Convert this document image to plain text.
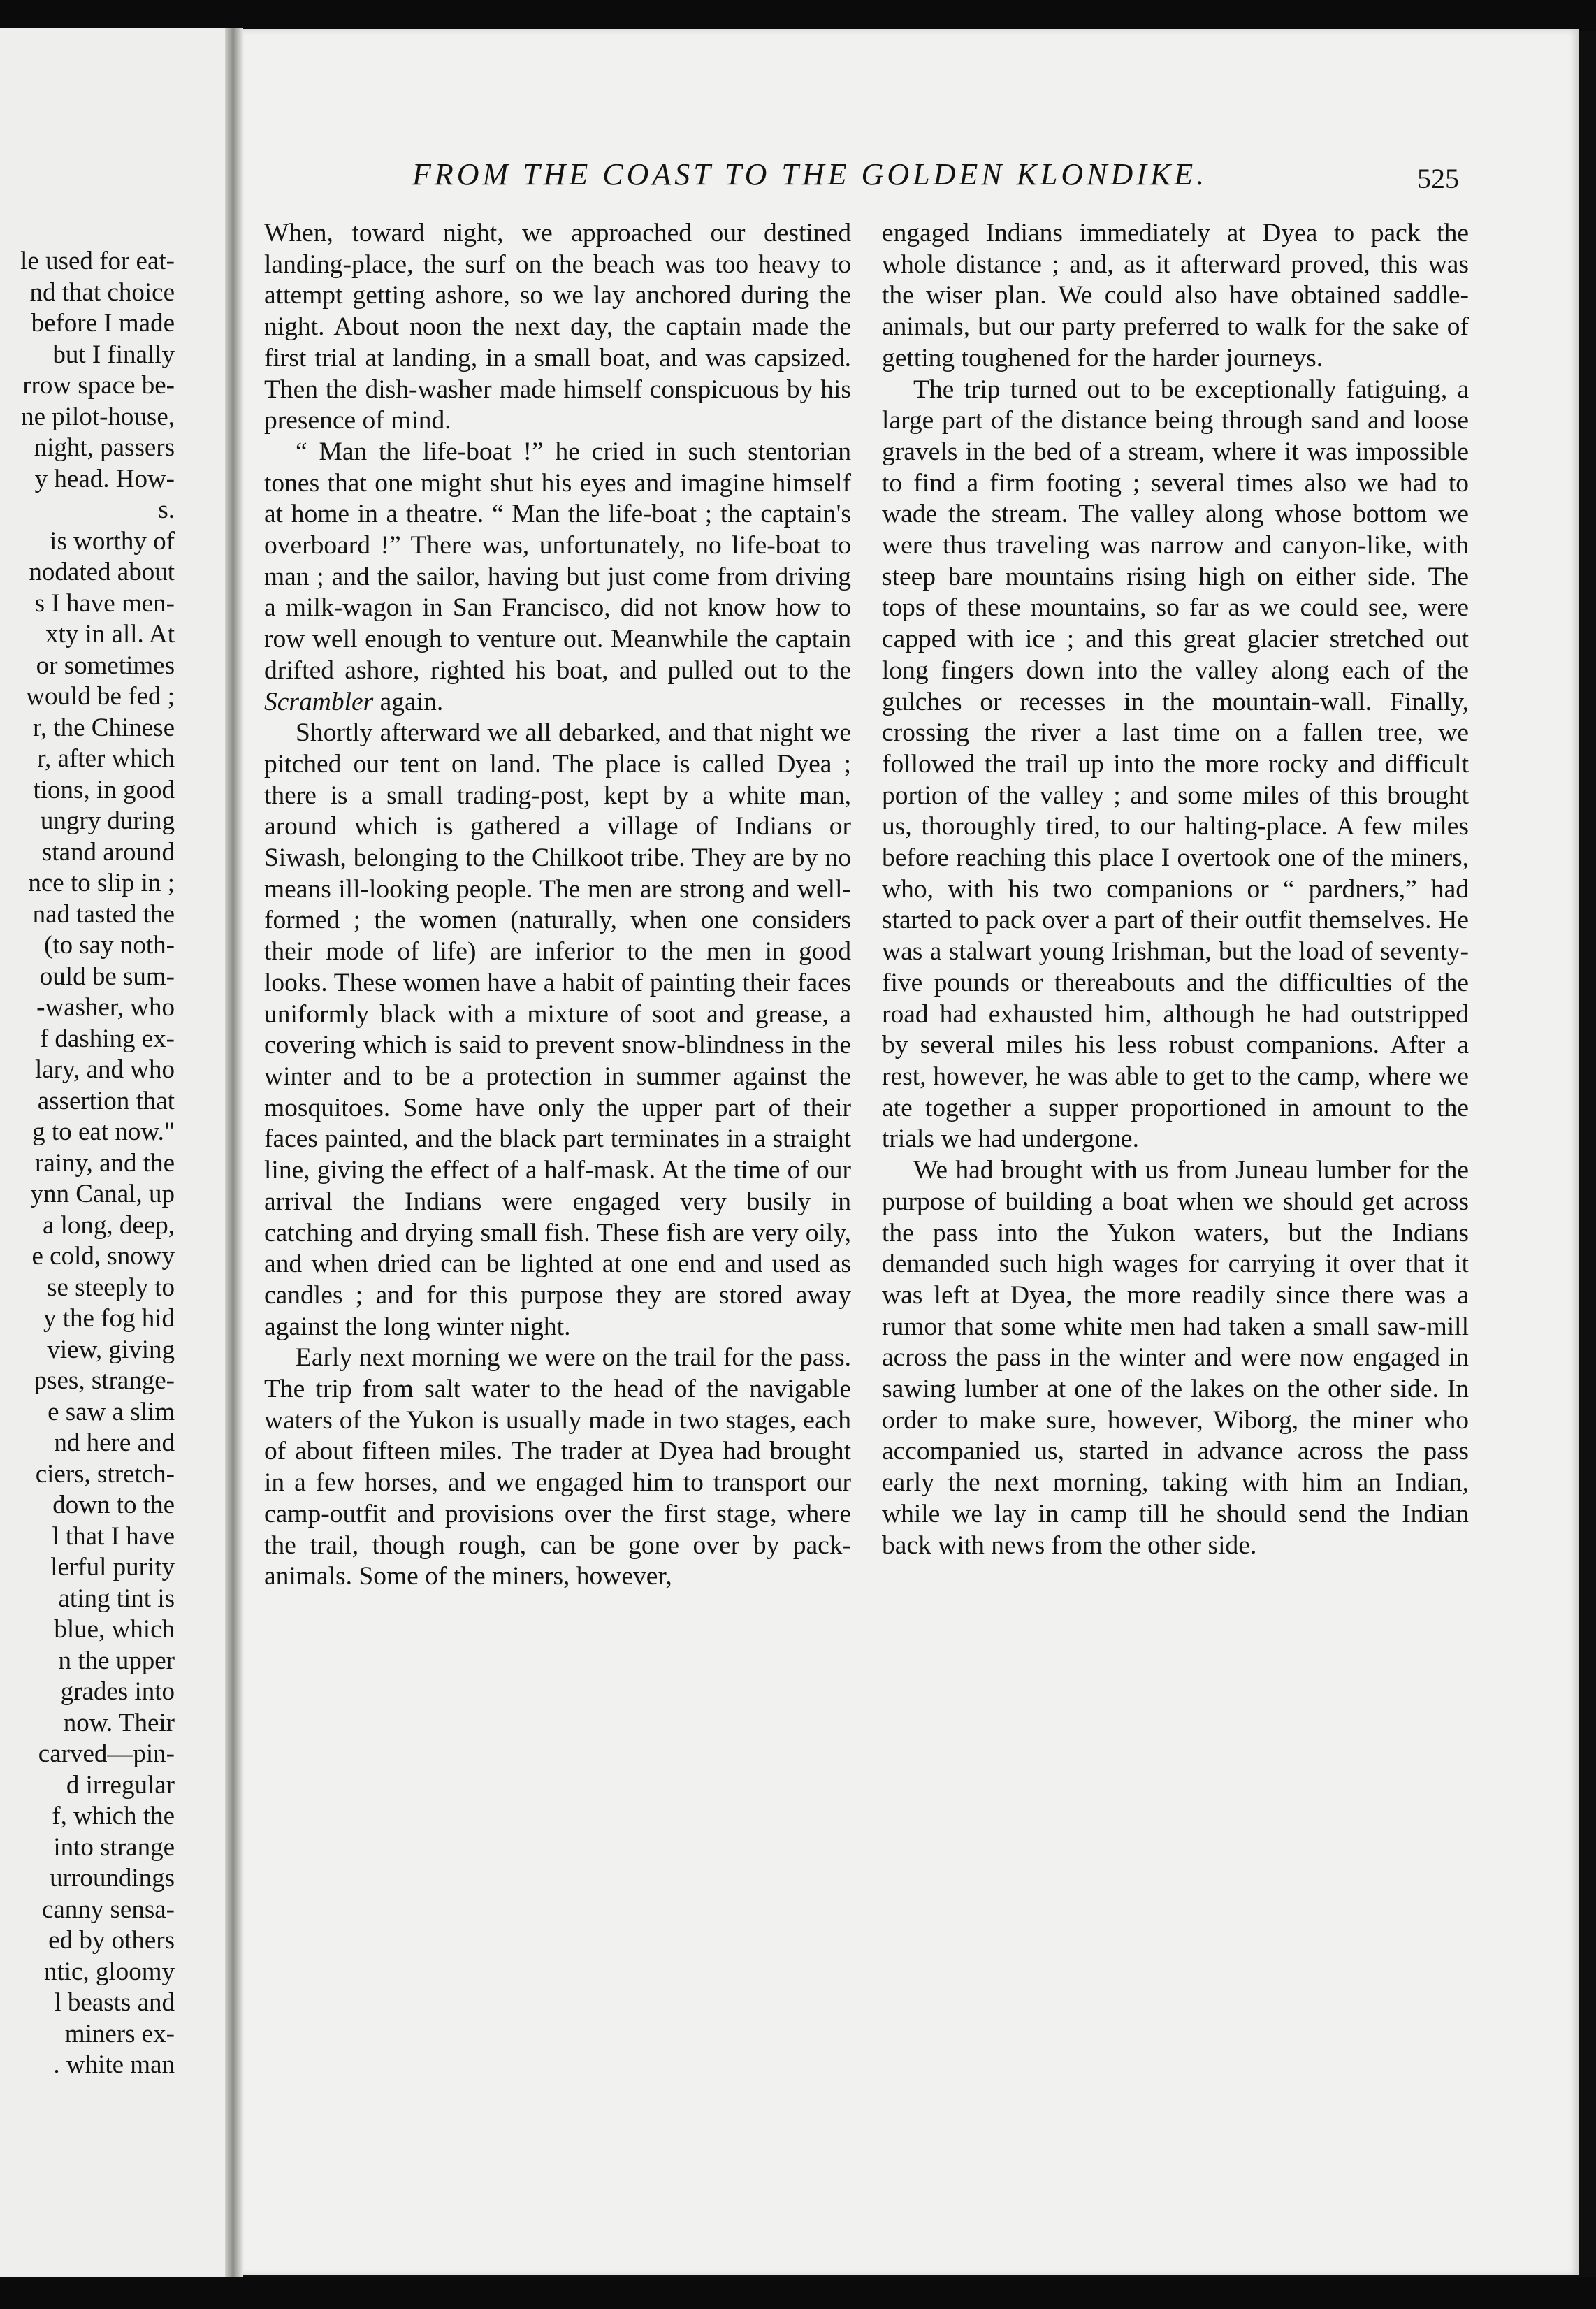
le used for eat-
nd that choice
before I made
but I finally
rrow space be-
ne pilot-house,
night, passers
y head. How-
s.
is worthy of
nodated about
s I have men-
xty in all. At
or sometimes
would be fed ;
r, the Chinese
r, after which
tions, in good
ungry during
stand around
nce to slip in ;
nad tasted the
(to say noth-
ould be sum-
-washer, who
f dashing ex-
lary, and who
assertion that
g to eat now."
rainy, and the
ynn Canal, up
a long, deep,
e cold, snowy
se steeply to
y the fog hid
view, giving
pses, strange-
e saw a slim
nd here and
ciers, stretch-
down to the
l that I have
lerful purity
ating tint is
blue, which
n the upper
grades into
now. Their
carved—pin-
d irregular
f, which the
into strange
urroundings
canny sensa-
ed by others
ntic, gloomy
l beasts and
miners ex-
. white man
FROM THE COAST TO THE GOLDEN KLONDIKE.	525

When, toward night, we approached our destined landing-place, the surf on the beach was too heavy to attempt getting ashore, so we lay anchored during the night. About noon the next day, the captain made the first trial at landing, in a small boat, and was capsized. Then the dish-washer made himself conspicuous by his presence of mind.

“ Man the life-boat !” he cried in such stentorian tones that one might shut his eyes and imagine himself at home in a theatre. “ Man the life-boat ; the captain's overboard !” There was, unfortunately, no life-boat to man ; and the sailor, having but just come from driving a milk-wagon in San Francisco, did not know how to row well enough to venture out. Meanwhile the captain drifted ashore, righted his boat, and pulled out to the Scrambler again.

Shortly afterward we all debarked, and that night we pitched our tent on land. The place is called Dyea ; there is a small trading-post, kept by a white man, around which is gathered a village of Indians or Siwash, belonging to the Chilkoot tribe. They are by no means ill-looking people. The men are strong and well-formed ; the women (naturally, when one considers their mode of life) are inferior to the men in good looks. These women have a habit of painting their faces uniformly black with a mixture of soot and grease, a covering which is said to prevent snow-blindness in the winter and to be a protection in summer against the mosquitoes. Some have only the upper part of their faces painted, and the black part terminates in a straight line, giving the effect of a half-mask. At the time of our arrival the Indians were engaged very busily in catching and drying small fish. These fish are very oily, and when dried can be lighted at one end and used as candles ; and for this purpose they are stored away against the long winter night.

Early next morning we were on the trail for the pass. The trip from salt water to the head of the navigable waters of the Yukon is usually made in two stages, each of about fifteen miles. The trader at Dyea had brought in a few horses, and we engaged him to transport our camp-outfit and provisions over the first stage, where the trail, though rough, can be gone over by pack-animals. Some of the miners, however,

engaged Indians immediately at Dyea to pack the whole distance ; and, as it afterward proved, this was the wiser plan. We could also have obtained saddle-animals, but our party preferred to walk for the sake of getting toughened for the harder journeys.

The trip turned out to be exceptionally fatiguing, a large part of the distance being through sand and loose gravels in the bed of a stream, where it was impossible to find a firm footing ; several times also we had to wade the stream. The valley along whose bottom we were thus traveling was narrow and canyon-like, with steep bare mountains rising high on either side. The tops of these mountains, so far as we could see, were capped with ice ; and this great glacier stretched out long fingers down into the valley along each of the gulches or recesses in the mountain-wall. Finally, crossing the river a last time on a fallen tree, we followed the trail up into the more rocky and difficult portion of the valley ; and some miles of this brought us, thoroughly tired, to our halting-place. A few miles before reaching this place I overtook one of the miners, who, with his two companions or “ pardners,” had started to pack over a part of their outfit themselves. He was a stalwart young Irishman, but the load of seventy-five pounds or thereabouts and the difficulties of the road had exhausted him, although he had outstripped by several miles his less robust companions. After a rest, however, he was able to get to the camp, where we ate together a supper proportioned in amount to the trials we had undergone.

We had brought with us from Juneau lumber for the purpose of building a boat when we should get across the pass into the Yukon waters, but the Indians demanded such high wages for carrying it over that it was left at Dyea, the more readily since there was a rumor that some white men had taken a small saw-mill across the pass in the winter and were now engaged in sawing lumber at one of the lakes on the other side. In order to make sure, however, Wiborg, the miner who accompanied us, started in advance across the pass early the next morning, taking with him an Indian, while we lay in camp till he should send the Indian back with news from the other side.
